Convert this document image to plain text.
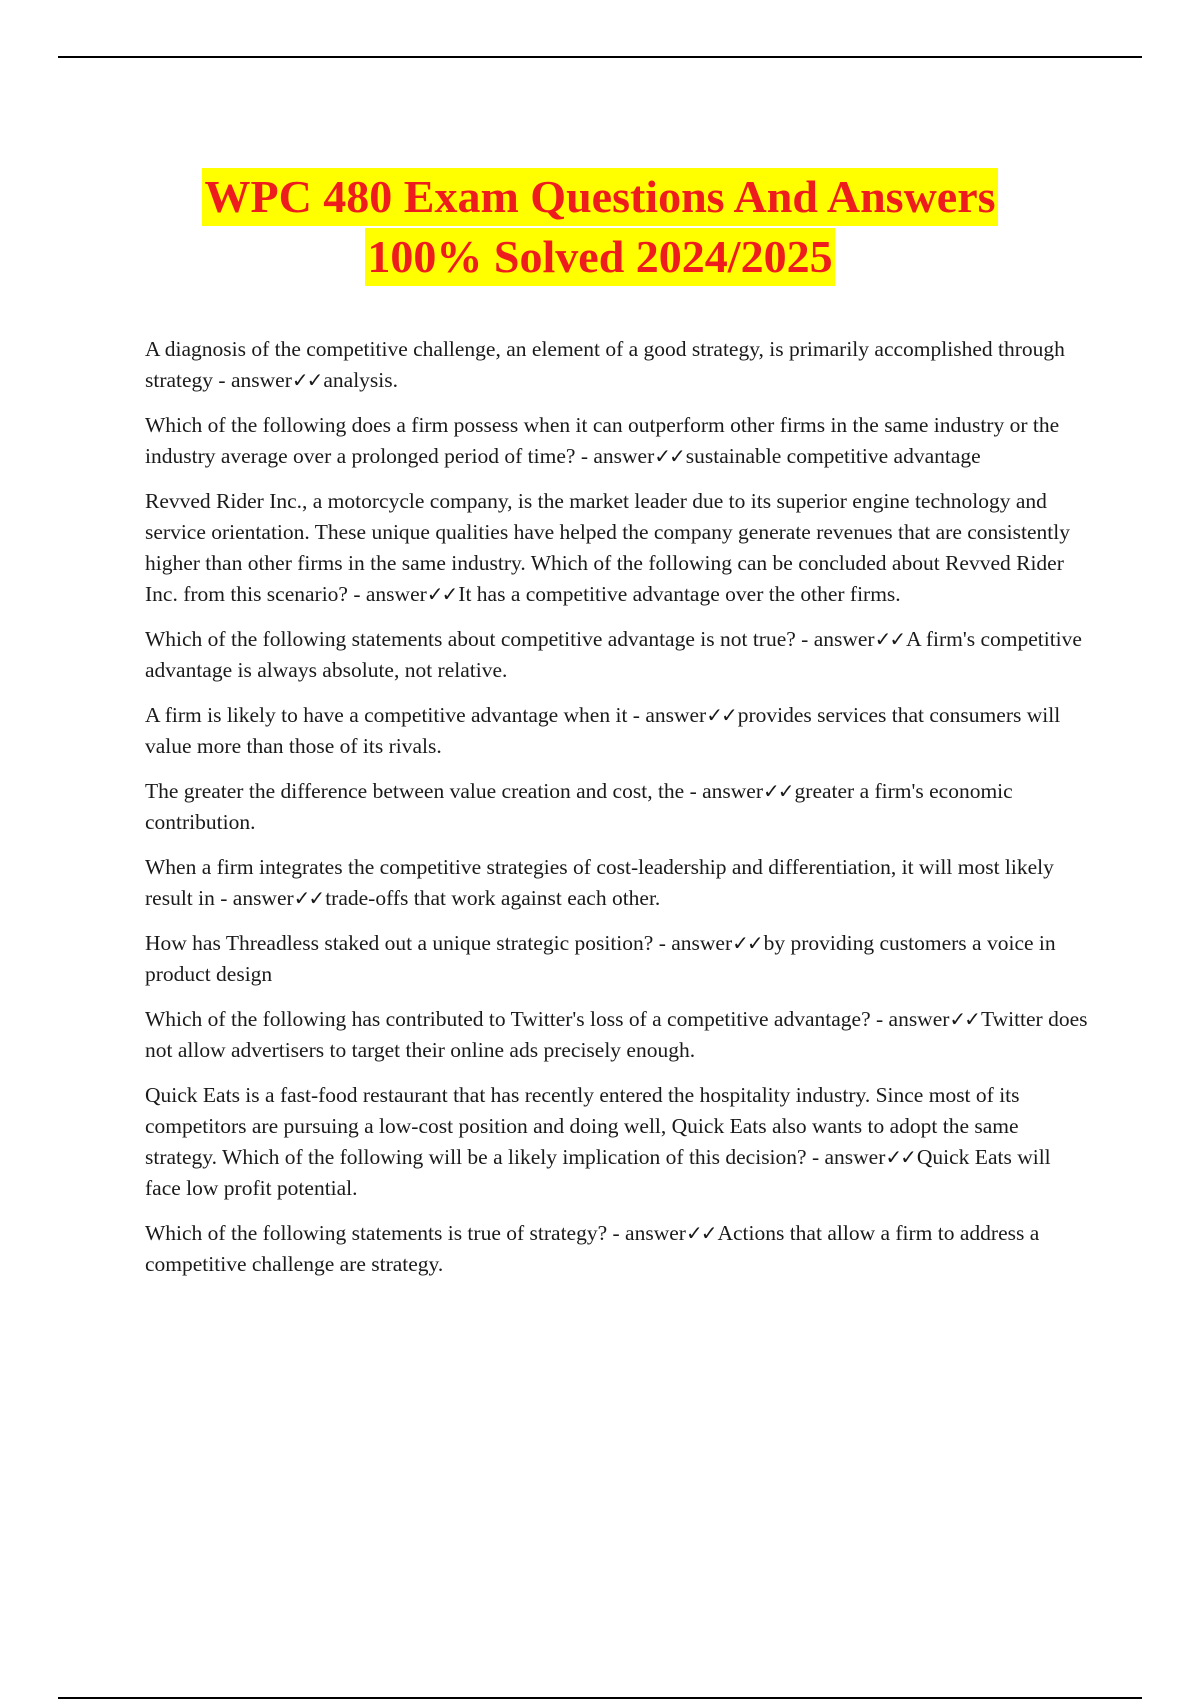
WPC 480 Exam Questions And Answers
100% Solved 2024/2025

A diagnosis of the competitive challenge, an element of a good strategy, is primarily accomplished through strategy - answer✓✓analysis.

Which of the following does a firm possess when it can outperform other firms in the same industry or the industry average over a prolonged period of time? - answer✓✓sustainable competitive advantage

Revved Rider Inc., a motorcycle company, is the market leader due to its superior engine technology and service orientation. These unique qualities have helped the company generate revenues that are consistently higher than other firms in the same industry. Which of the following can be concluded about Revved Rider Inc. from this scenario? - answer✓✓It has a competitive advantage over the other firms.

Which of the following statements about competitive advantage is not true? - answer✓✓A firm's competitive advantage is always absolute, not relative.

A firm is likely to have a competitive advantage when it - answer✓✓provides services that consumers will value more than those of its rivals.

The greater the difference between value creation and cost, the - answer✓✓greater a firm's economic contribution.

When a firm integrates the competitive strategies of cost-leadership and differentiation, it will most likely result in - answer✓✓trade-offs that work against each other.

How has Threadless staked out a unique strategic position? - answer✓✓by providing customers a voice in product design

Which of the following has contributed to Twitter's loss of a competitive advantage? - answer✓✓Twitter does not allow advertisers to target their online ads precisely enough.

Quick Eats is a fast-food restaurant that has recently entered the hospitality industry. Since most of its competitors are pursuing a low-cost position and doing well, Quick Eats also wants to adopt the same strategy. Which of the following will be a likely implication of this decision? - answer✓✓Quick Eats will face low profit potential.

Which of the following statements is true of strategy? - answer✓✓Actions that allow a firm to address a competitive challenge are strategy.
